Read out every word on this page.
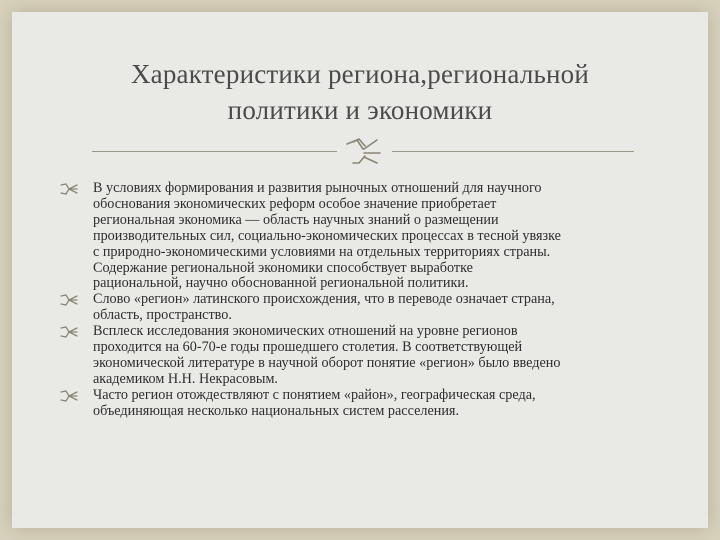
Характеристики региона,региональной
политики и экономики
В условиях формирования и развития рыночных отношений для научного
обоснования экономических реформ особое значение приобретает
региональная экономика — область научных знаний о размещении
производительных сил, социально-экономических процессах в тесной увязке
с природно-экономическими условиями на отдельных территориях страны.
Содержание региональной экономики способствует выработке
рациональной, научно обоснованной региональной политики.
Слово «регион» латинского происхождения, что в переводе означает страна,
область, пространство.
Всплеск исследования экономических отношений на уровне регионов
проходится на 60-70-е годы прошедшего столетия. В соответствующей
экономической литературе в научной оборот понятие «регион» было введено
академиком Н.Н. Некрасовым.
Часто регион отождествляют с понятием «район», географическая среда,
объединяющая несколько национальных систем расселения.
